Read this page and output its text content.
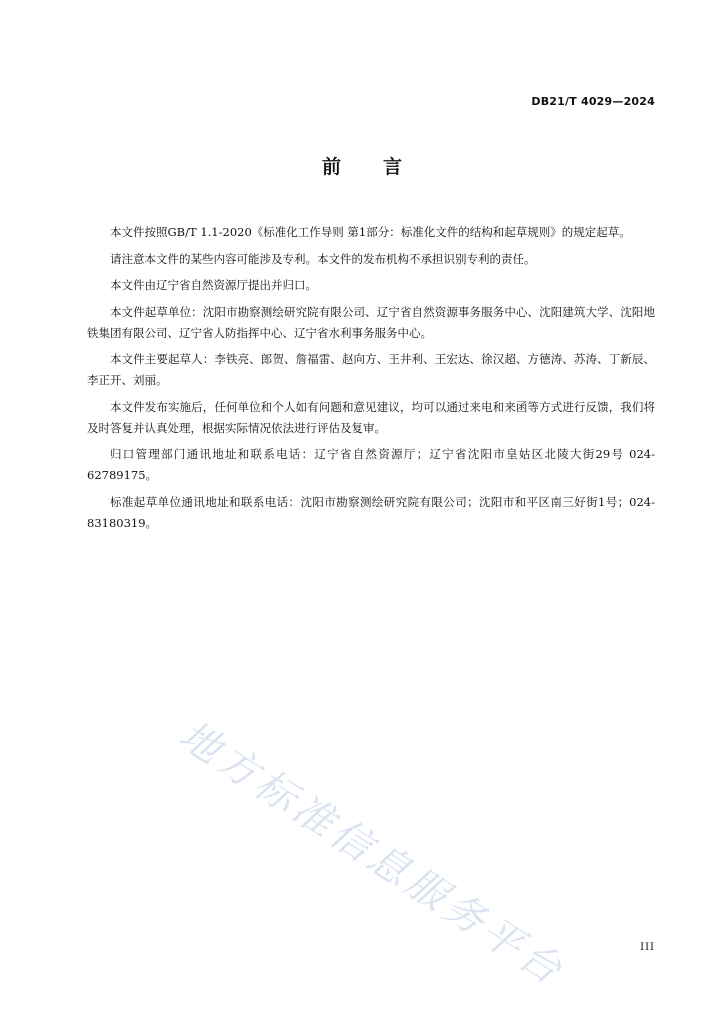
DB21/T 4029—2024
前 言

本文件按照GB/T 1.1-2020《标准化工作导则 第1部分：标准化文件的结构和起草规则》的规定起草。

请注意本文件的某些内容可能涉及专利。本文件的发布机构不承担识别专利的责任。

本文件由辽宁省自然资源厅提出并归口。

本文件起草单位：沈阳市勘察测绘研究院有限公司、辽宁省自然资源事务服务中心、沈阳建筑大学、沈阳地铁集团有限公司、辽宁省人防指挥中心、辽宁省水利事务服务中心。

本文件主要起草人：李铁亮、郎贺、詹福雷、赵向方、王井利、王宏达、徐汉超、方德涛、苏涛、丁新辰、李正开、刘丽。

本文件发布实施后，任何单位和个人如有问题和意见建议，均可以通过来电和来函等方式进行反馈，我们将及时答复并认真处理，根据实际情况依法进行评估及复审。

归口管理部门通讯地址和联系电话：辽宁省自然资源厅；辽宁省沈阳市皇姑区北陵大街29号 024-62789175。

标准起草单位通讯地址和联系电话：沈阳市勘察测绘研究院有限公司；沈阳市和平区南三好街1号；024-83180319。

地方标准信息服务平台	III
